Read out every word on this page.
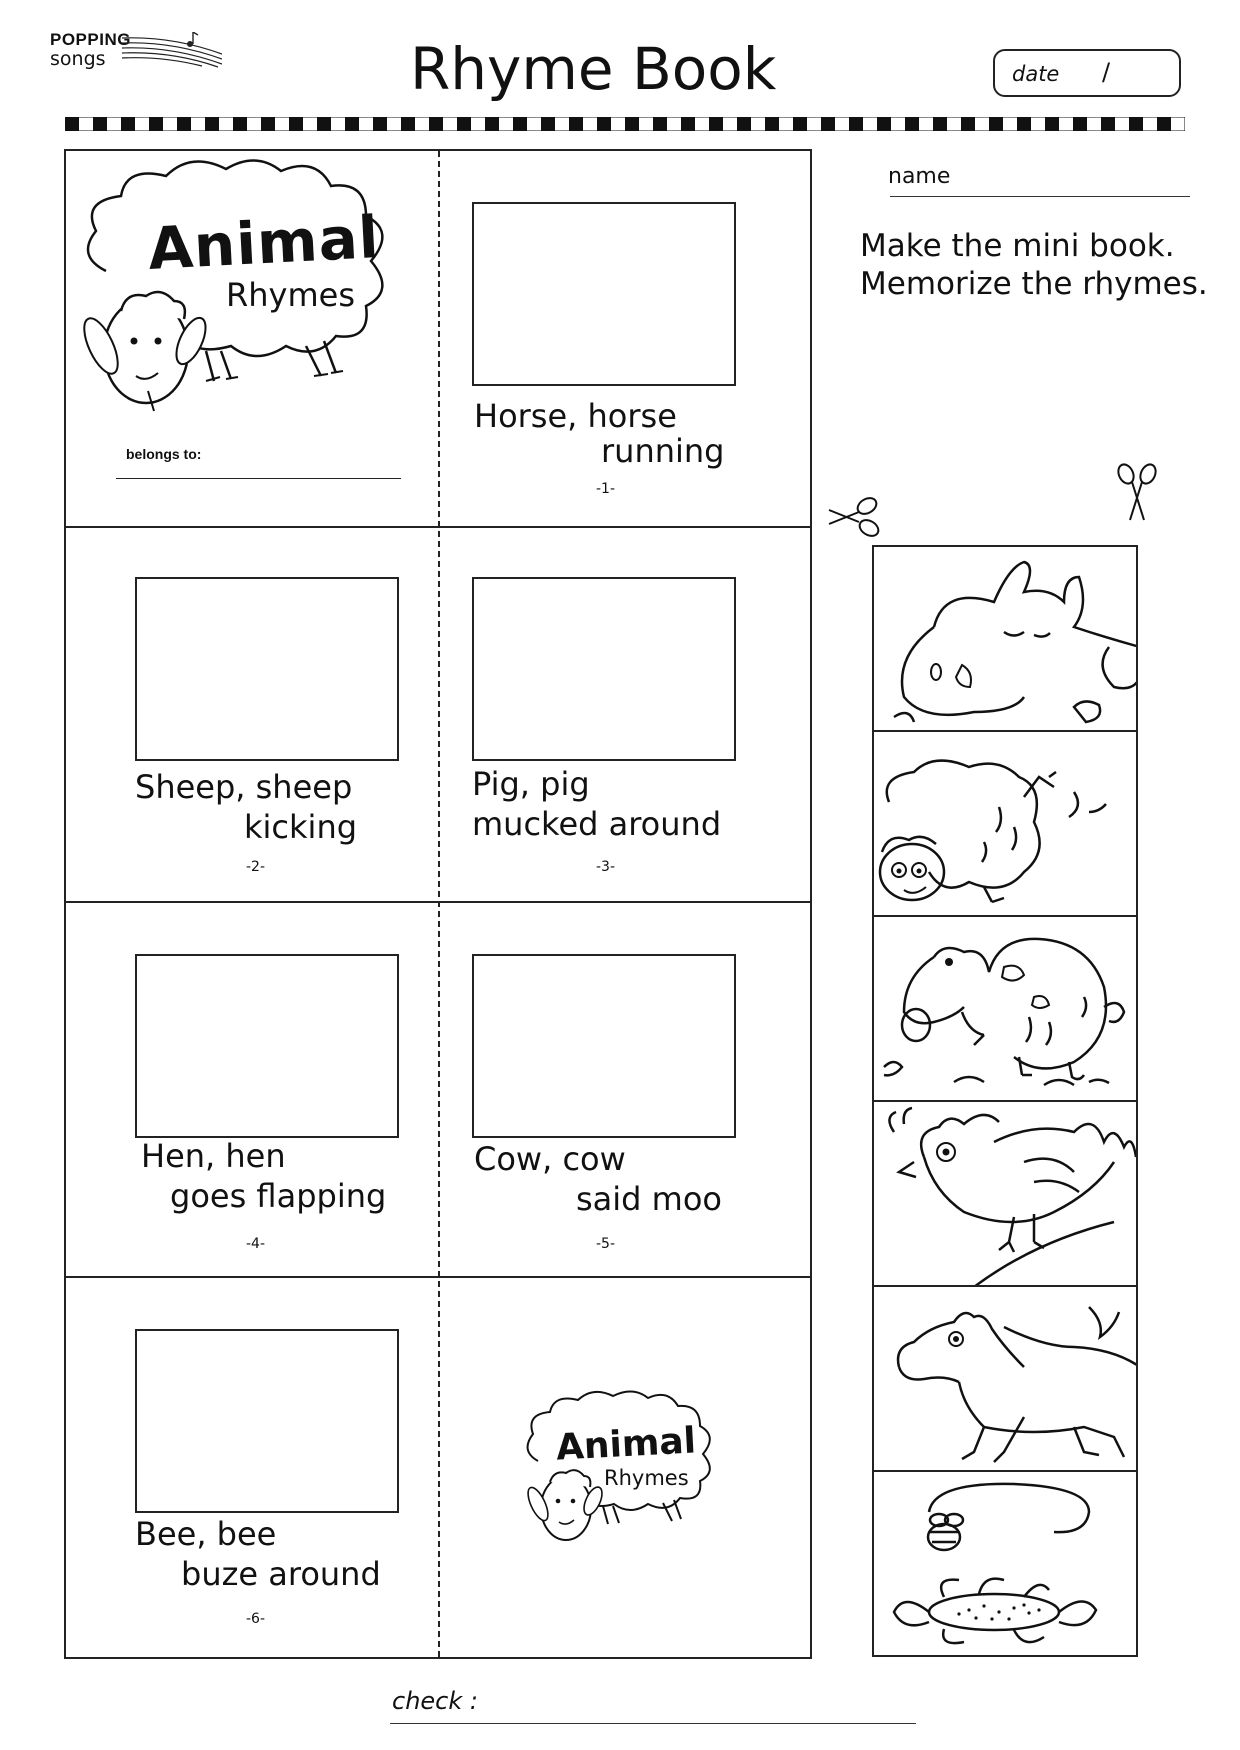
POPPING
songs	Rhyme Book	date /
Animal
Rhymes
belongs to:
Horse, horse
running
-1-
Sheep, sheep
kicking
-2-
Pig, pig
mucked around
-3-
Hen, hen
goes flapping
-4-
Cow, cow
said moo
-5-
Bee, bee
buze around
-6-
Animal
Rhymes
name
Make the mini book.
Memorize the rhymes.
check :
